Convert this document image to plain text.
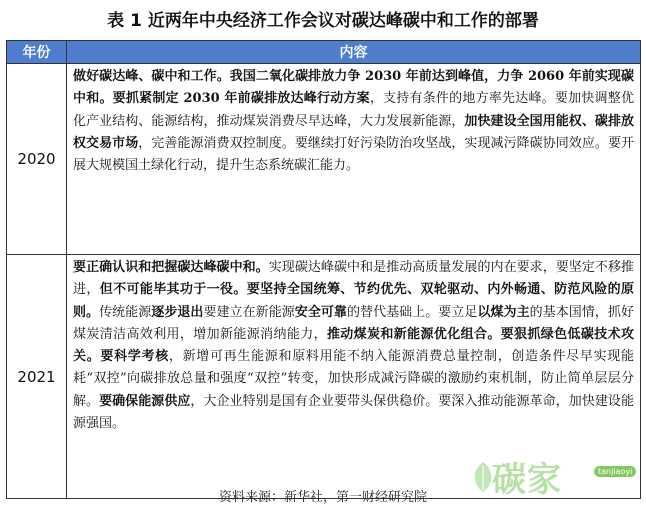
表 1 近两年中央经济工作会议对碳达峰碳中和工作的部署
年份	内容
2020	做好碳达峰、碳中和工作。我国二氧化碳排放力争 2030 年前达到峰值，力争 2060 年前实现碳中和。要抓紧制定 2030 年前碳排放达峰行动方案，支持有条件的地方率先达峰。要加快调整优化产业结构、能源结构，推动煤炭消费尽早达峰，大力发展新能源，加快建设全国用能权、碳排放权交易市场，完善能源消费双控制度。要继续打好污染防治攻坚战，实现减污降碳协同效应。要开展大规模国土绿化行动，提升生态系统碳汇能力。
2021	要正确认识和把握碳达峰碳中和。实现碳达峰碳中和是推动高质量发展的内在要求，要坚定不移推进，但不可能毕其功于一役。要坚持全国统筹、节约优先、双轮驱动、内外畅通、防范风险的原则。传统能源逐步退出要建立在新能源安全可靠的替代基础上。要立足以煤为主的基本国情，抓好煤炭清洁高效利用，增加新能源消纳能力，推动煤炭和新能源优化组合。要狠抓绿色低碳技术攻关。要科学考核，新增可再生能源和原料用能不纳入能源消费总量控制，创造条件尽早实现能耗“双控”向碳排放总量和强度“双控”转变，加快形成减污降碳的激励约束机制，防止简单层层分解。要确保能源供应，大企业特别是国有企业要带头保供稳价。要深入推动能源革命，加快建设能源强国。
资料来源：新华社，第一财经研究院	碳家	tanjiaoyi
